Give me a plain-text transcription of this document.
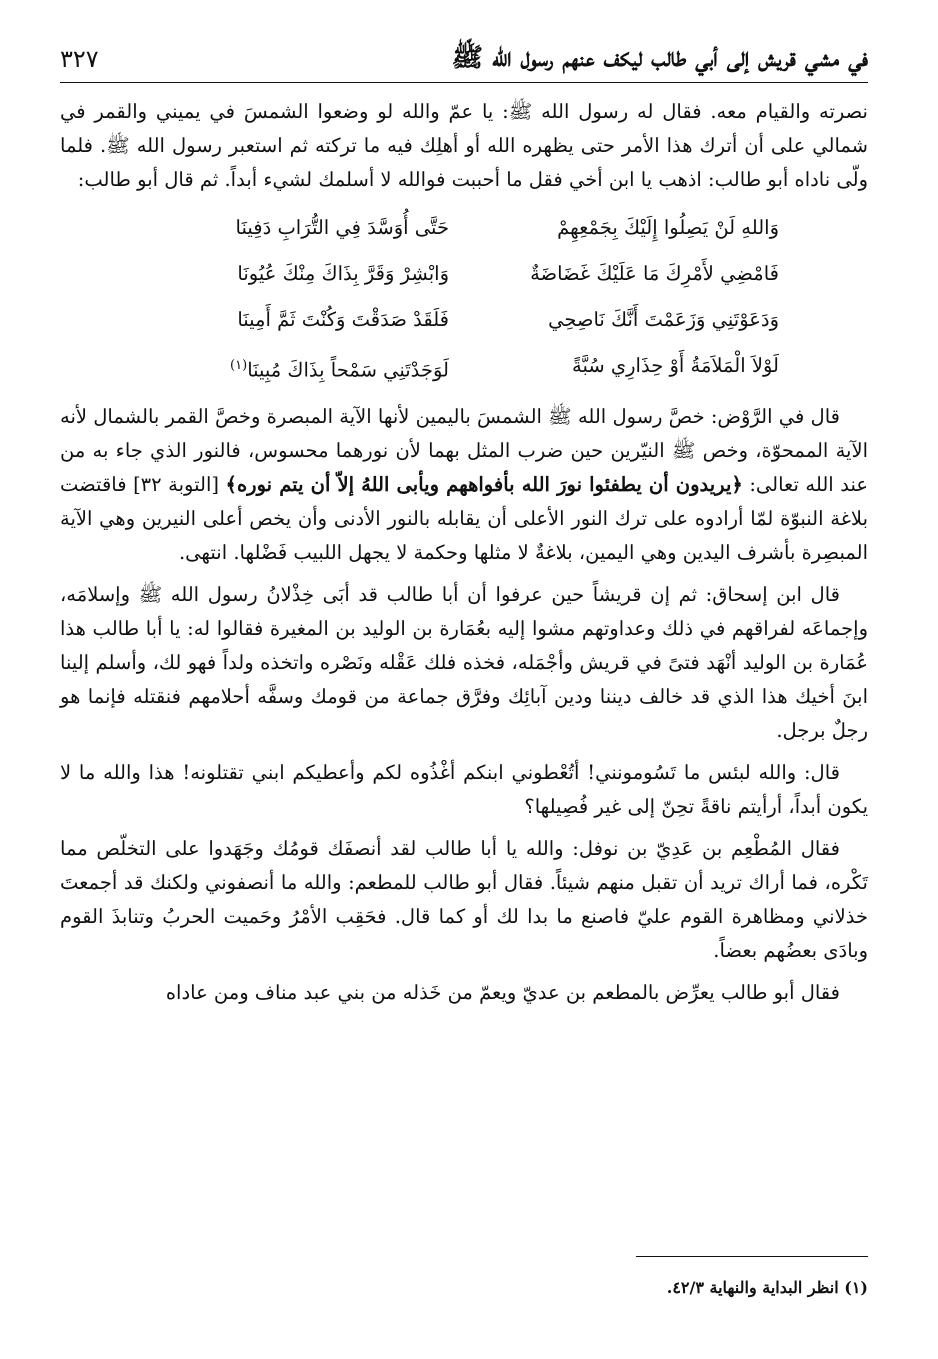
في مشي قريش إلى أبي طالب ليكف عنهم رسول الله ﷺ
٣٢٧

نصرته والقيام معه. فقال له رسول الله ﷺ: يا عمّ والله لو وضعوا الشمسَ في يميني والقمر في شمالي على أن أترك هذا الأمر حتى يظهره الله أو أهلِك فيه ما تركته ثم استعبر رسول الله ﷺ. فلما ولّى ناداه أبو طالب: اذهب يا ابن أخي فقل ما أحببت فوالله لا أسلمك لشيء أبداً. ثم قال أبو طالب:

وَاللهِ لَنْ يَصِلُوا إِلَيْكَ بِجَمْعِهِمْ
حَتَّى أُوَسَّدَ فِي التُّرَابِ دَفِينَا
فَامْضِي لأَمْرِكَ مَا عَلَيْكَ غَضَاضَةٌ
وَابْشِرْ وَقَرَّ بِذَاكَ مِنْكَ عُيُونَا
وَدَعَوْتَنِي وَزَعَمْتَ أَنَّكَ نَاصِحِي
فَلَقَدْ صَدَقْتَ وَكُنْتَ ثَمَّ أَمِينَا
لَوْلاَ الْمَلاَمَةُ أَوْ حِذَارِي سُبَّةً
لَوَجَدْتَنِي سَمْحاً بِذَاكَ مُبِينَا$^{(١)}$

قال في الرَّوْض: خصَّ رسول الله ﷺ الشمسَ باليمين لأنها الآية المبصرة وخصَّ القمر بالشمال لأنه الآية الممحوّة، وخص ﷺ النيّرين حين ضرب المثل بهما لأن نورهما محسوس، فالنور الذي جاء به من عند الله تعالى: ﴿يريدون أن يطفئوا نورَ الله بأفواههم ويأبى اللهُ إلاّ أن يتم نوره﴾ [التوبة ٣٢] فاقتضت بلاغة النبوّة لمّا أرادوه على ترك النور الأعلى أن يقابله بالنور الأدنى وأن يخص أعلى النيرين وهي الآية المبصِرة بأشرف اليدين وهي اليمين، بلاغةٌ لا مثلها وحكمة لا يجهل اللبيب فَضْلها. انتهى.

قال ابن إسحاق: ثم إن قريشاً حين عرفوا أن أبا طالب قد أبَى خِذْلانُ رسول الله ﷺ وإسلامَه، وإجماعَه لفراقهم في ذلك وعداوتهم مشوا إليه بعُمَارة بن الوليد بن المغيرة فقالوا له: يا أبا طالب هذا عُمَارة بن الوليد أنْهَد فتىً في قريش وأجْمَله، فخذه فلك عَقْله ونَصْره واتخذه ولداً فهو لك، وأسلم إلينا ابنَ أخيك هذا الذي قد خالف ديننا ودين آبائِك وفرَّق جماعة من قومك وسفَّه أحلامهم فنقتله فإنما هو رجلٌ برجل.

قال: والله لبئس ما تَسُومونني! أتُعْطوني ابنكم أغْذُوه لكم وأعطيكم ابني تقتلونه! هذا والله ما لا يكون أبداً، أرأيتم ناقةً تحِنّ إلى غير فُصِيلها؟

فقال المُطْعِم بن عَدِيّ بن نوفل: والله يا أبا طالب لقد أنصفَك قومُك وجَهَدوا على التخلّص مما تَكْره، فما أراك تريد أن تقبل منهم شيئاً. فقال أبو طالب للمطعم: والله ما أنصفوني ولكنك قد أجمعتَ خذلاني ومظاهرة القوم عليّ فاصنع ما بدا لك أو كما قال. فحَقِب الأمْرُ وحَميت الحربُ وتنابذَ القوم وبادَى بعضُهم بعضاً.

فقال أبو طالب يعرِّض بالمطعم بن عديّ ويعمّ من خَذله من بني عبد مناف ومن عاداه

(١) انظر البداية والنهاية ٤٢/٣.
